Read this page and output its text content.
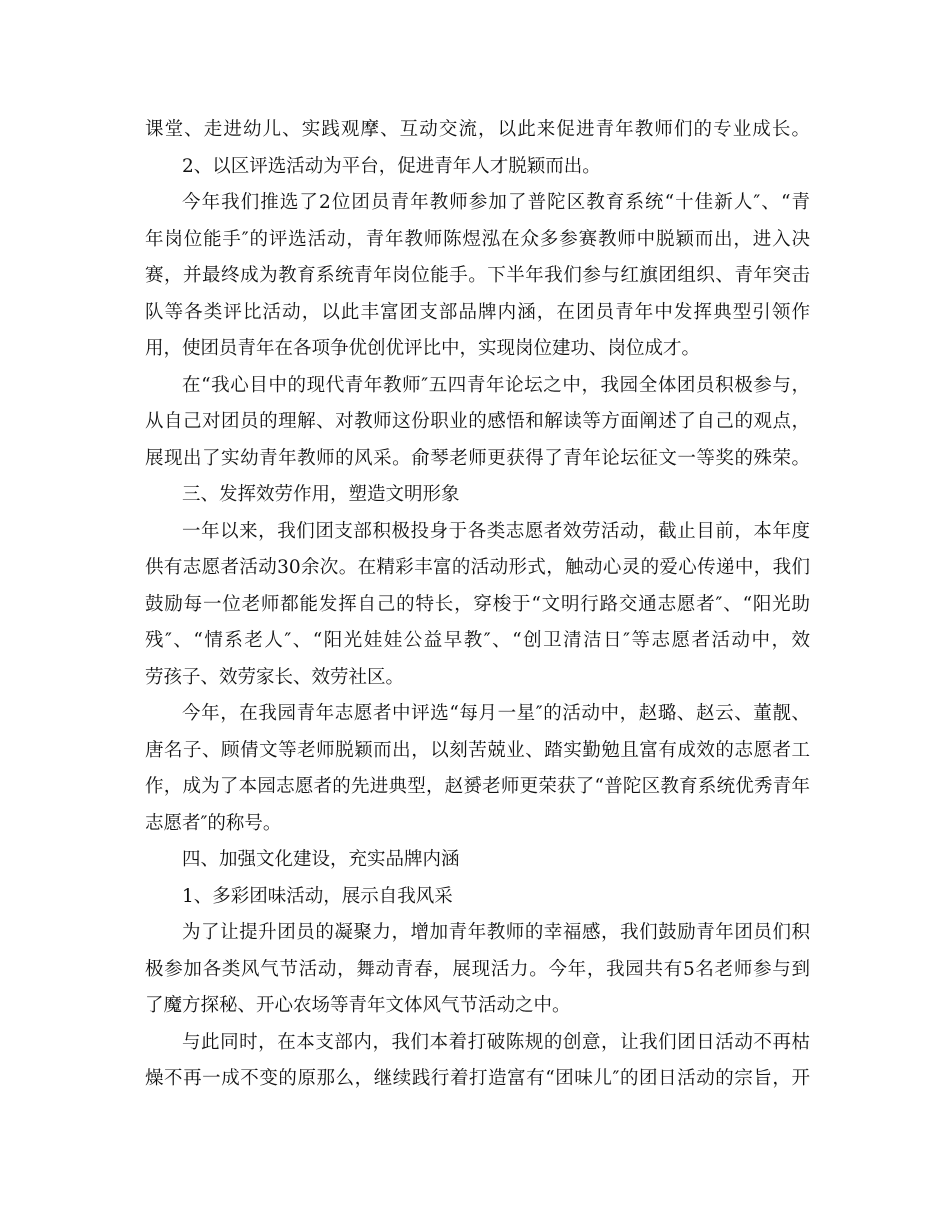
课堂、走进幼儿、实践观摩、互动交流，以此来促进青年教师们的专业成长。
2、以区评选活动为平台，促进青年人才脱颖而出。
今年我们推选了2位团员青年教师参加了普陀区教育系统“十佳新人″、“青
年岗位能手″的评选活动，青年教师陈煜泓在众多参赛教师中脱颖而出，进入决
赛，并最终成为教育系统青年岗位能手。下半年我们参与红旗团组织、青年突击
队等各类评比活动，以此丰富团支部品牌内涵，在团员青年中发挥典型引领作
用，使团员青年在各项争优创优评比中，实现岗位建功、岗位成才。
在“我心目中的现代青年教师″五四青年论坛之中，我园全体团员积极参与，
从自己对团员的理解、对教师这份职业的感悟和解读等方面阐述了自己的观点，
展现出了实幼青年教师的风采。俞琴老师更获得了青年论坛征文一等奖的殊荣。
三、发挥效劳作用，塑造文明形象
一年以来，我们团支部积极投身于各类志愿者效劳活动，截止目前，本年度
供有志愿者活动30余次。在精彩丰富的活动形式，触动心灵的爱心传递中，我们
鼓励每一位老师都能发挥自己的特长，穿梭于“文明行路交通志愿者″、“阳光助
残″、“情系老人″、“阳光娃娃公益早教″、“创卫清洁日″等志愿者活动中，效
劳孩子、效劳家长、效劳社区。
今年，在我园青年志愿者中评选“每月一星″的活动中，赵璐、赵云、董靓、
唐名子、顾倩文等老师脱颖而出，以刻苦兢业、踏实勤勉且富有成效的志愿者工
作，成为了本园志愿者的先进典型，赵赟老师更荣获了“普陀区教育系统优秀青年
志愿者″的称号。
四、加强文化建设，充实品牌内涵
1、多彩团味活动，展示自我风采
为了让提升团员的凝聚力，增加青年教师的幸福感，我们鼓励青年团员们积
极参加各类风气节活动，舞动青春，展现活力。今年，我园共有5名老师参与到
了魔方探秘、开心农场等青年文体风气节活动之中。
与此同时，在本支部内，我们本着打破陈规的创意，让我们团日活动不再枯
燥不再一成不变的原那么，继续践行着打造富有“团味儿″的团日活动的宗旨，开
